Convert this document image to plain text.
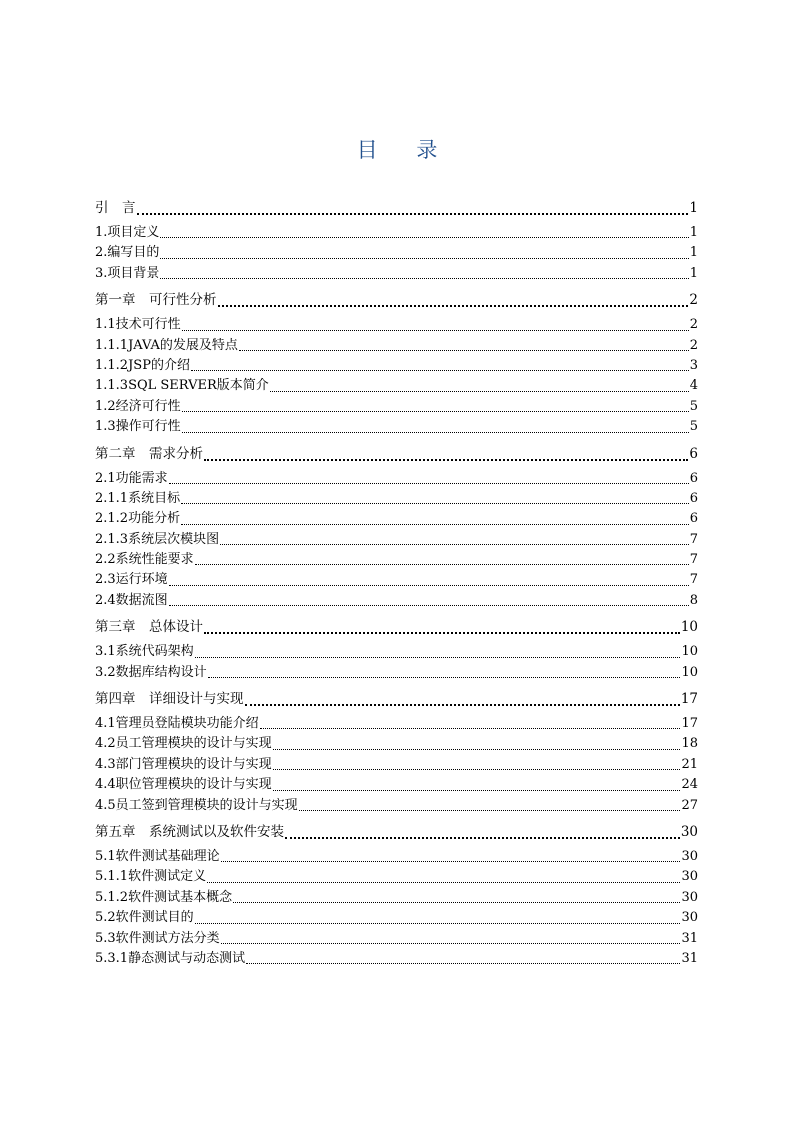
目 录
引　言	1
1.项目定义	1
2.编写目的	1
3.项目背景	1
第一章　可行性分析	2
1.1技术可行性	2
1.1.1JAVA的发展及特点	2
1.1.2JSP的介绍	3
1.1.3SQL SERVER版本简介	4
1.2经济可行性	5
1.3操作可行性	5
第二章　需求分析	6
2.1功能需求	6
2.1.1系统目标	6
2.1.2功能分析	6
2.1.3系统层次模块图	7
2.2系统性能要求	7
2.3运行环境	7
2.4数据流图	8
第三章　总体设计	10
3.1系统代码架构	10
3.2数据库结构设计	10
第四章　详细设计与实现	17
4.1管理员登陆模块功能介绍	17
4.2员工管理模块的设计与实现	18
4.3部门管理模块的设计与实现	21
4.4职位管理模块的设计与实现	24
4.5员工签到管理模块的设计与实现	27
第五章　系统测试以及软件安装	30
5.1软件测试基础理论	30
5.1.1软件测试定义	30
5.1.2软件测试基本概念	30
5.2软件测试目的	30
5.3软件测试方法分类	31
5.3.1静态测试与动态测试	31
